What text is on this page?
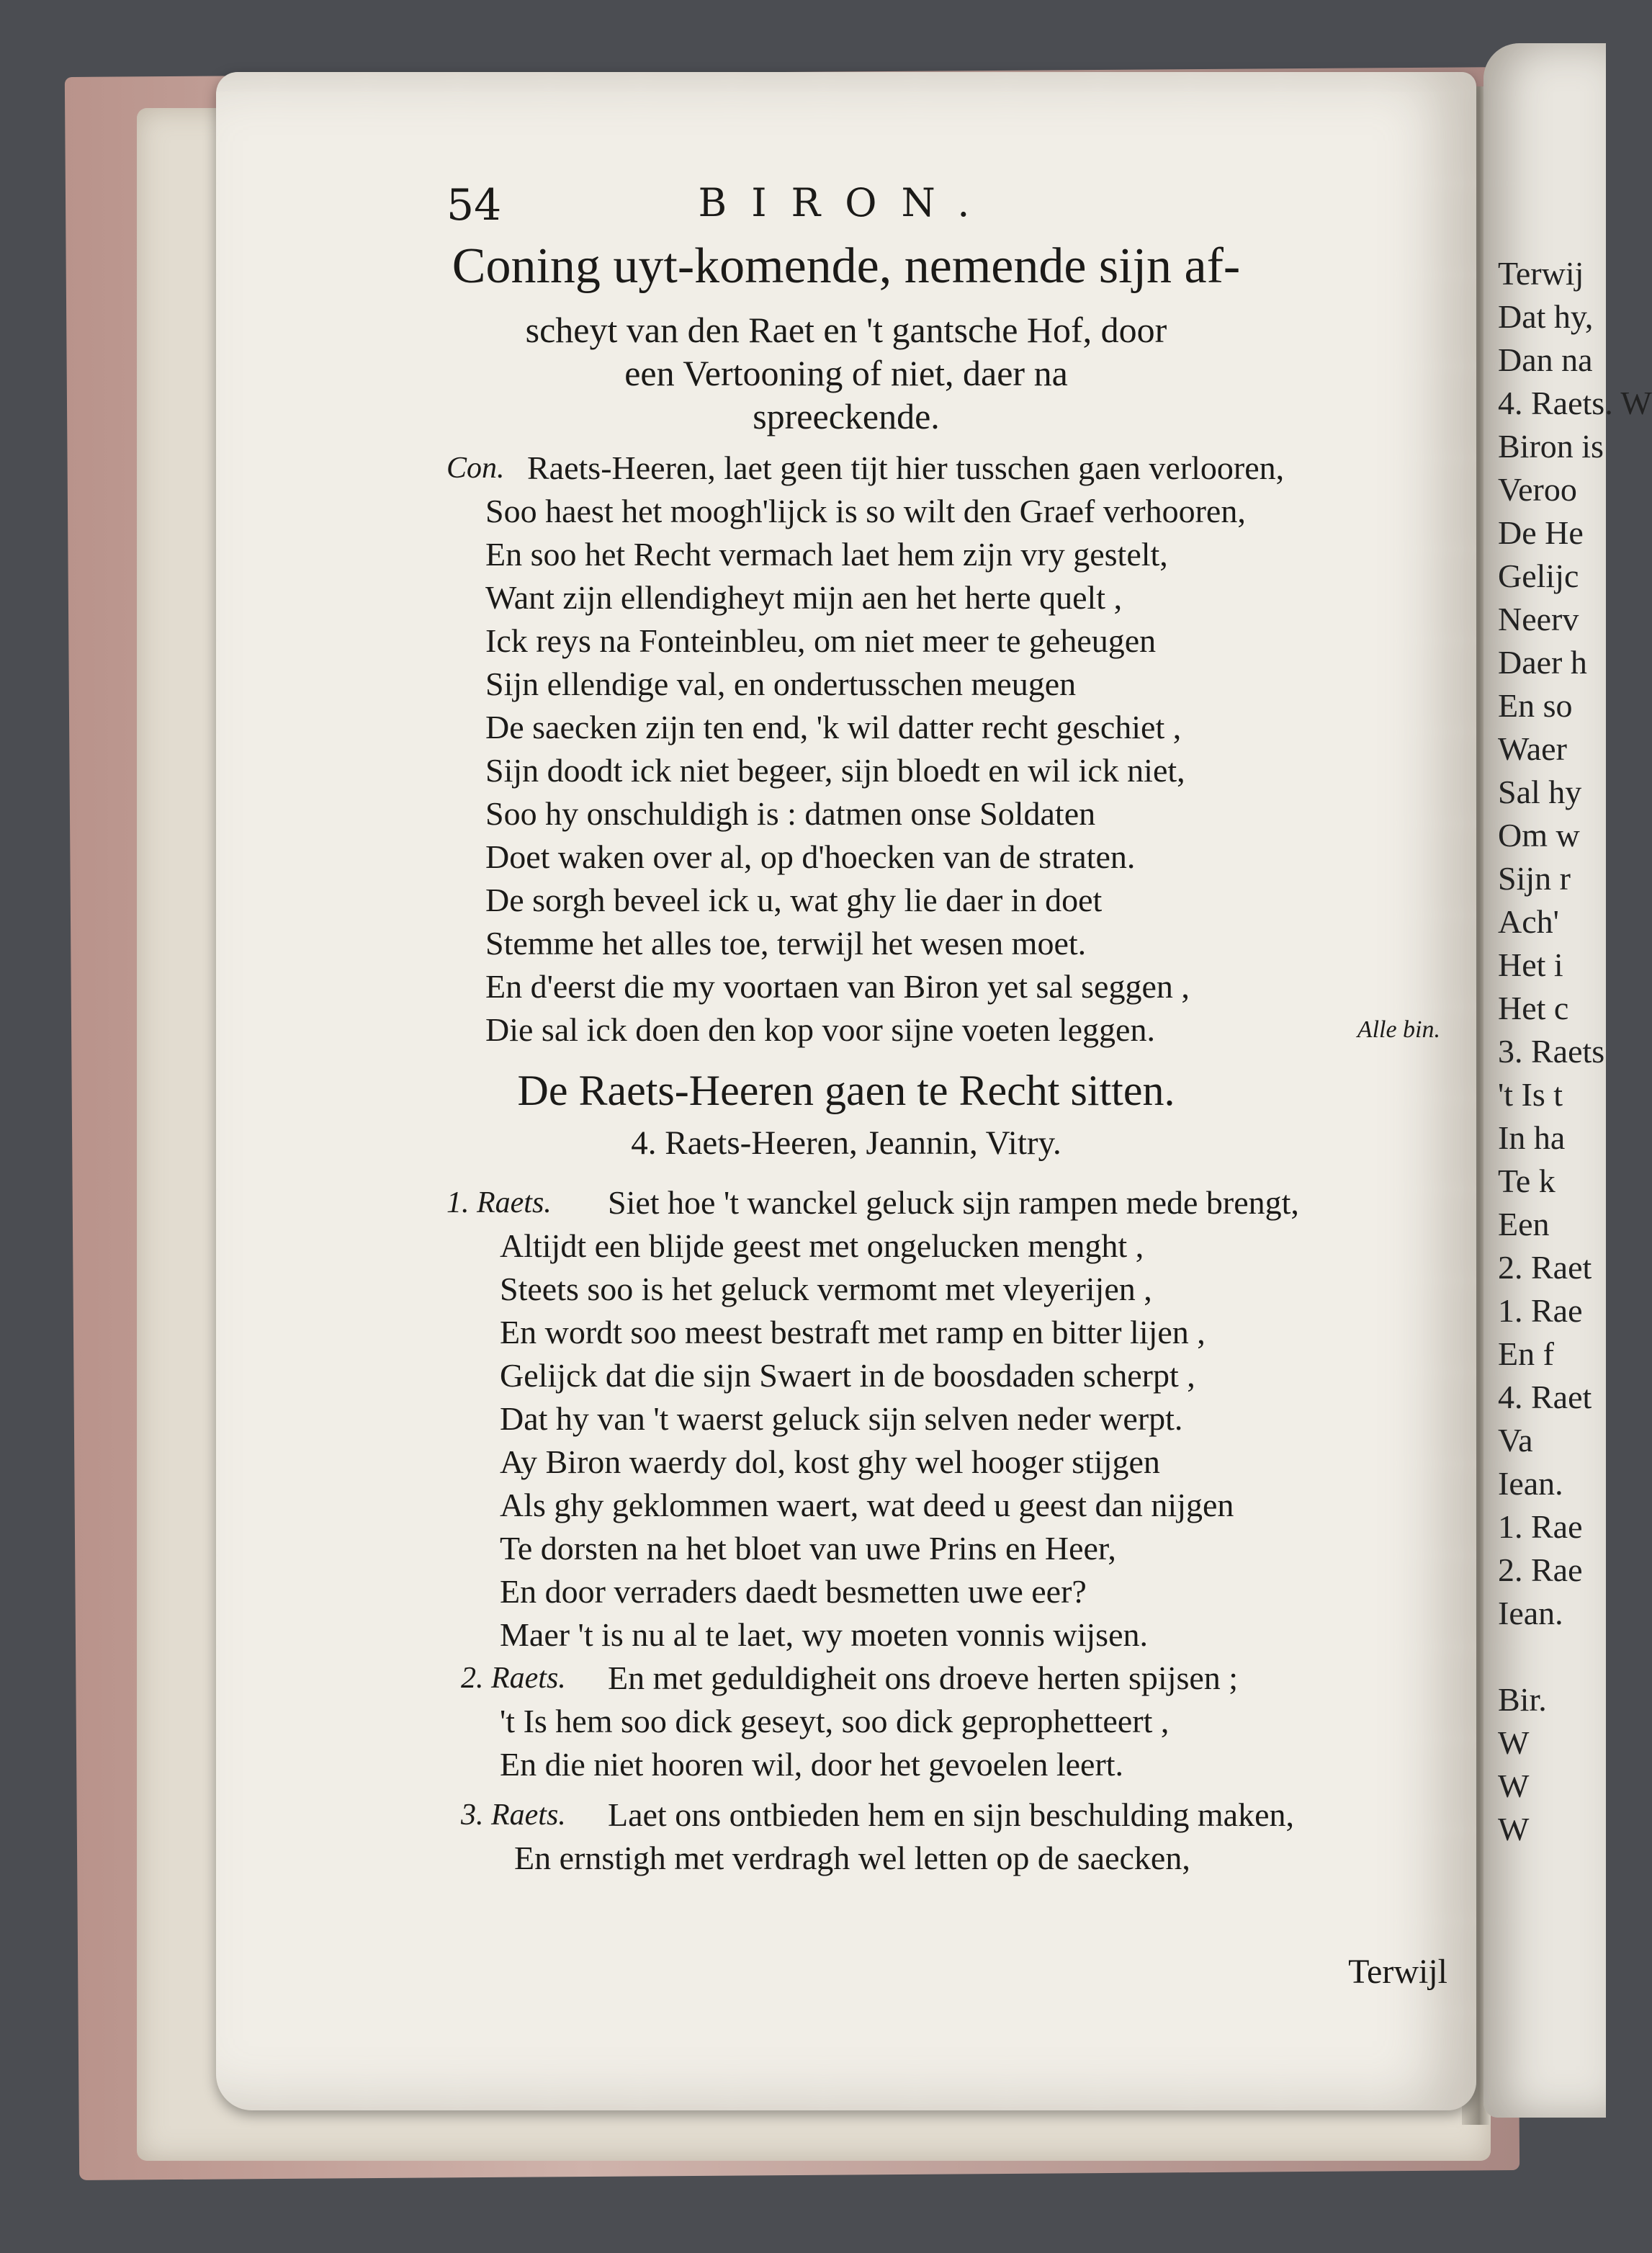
Terwij
Dat hy,
Dan na
4. Raets. W
Biron is
Veroo
De He
Gelijc
Neerv
Daer h
En so
Waer
Sal hy
Om w
Sijn r
Ach'
Het i
Het c
3. Raets
't Is t
In ha
Te k
Een
2. Raet
1. Rae
En f
4. Raet
Va
Iean.
1. Rae
2. Rae
Iean.
Bir.
W
W
W
54	BIRON.
Coning uyt-komende, nemende sijn af-
scheyt van den Raet en 't gantsche Hof, door
een Vertooning of niet, daer na
spreeckende.
Con. Raets-Heeren, laet geen tijt hier tusschen gaen verlooren,
Soo haest het moogh'lijck is so wilt den Graef verhooren,
En soo het Recht vermach laet hem zijn vry gestelt,
Want zijn ellendigheyt mijn aen het herte quelt ,
Ick reys na Fonteinbleu, om niet meer te geheugen
Sijn ellendige val, en ondertusschen meugen
De saecken zijn ten end, 'k wil datter recht geschiet ,
Sijn doodt ick niet begeer, sijn bloedt en wil ick niet,
Soo hy onschuldigh is : datmen onse Soldaten
Doet waken over al, op d'hoecken van de straten.
De sorgh beveel ick u, wat ghy lie daer in doet
Stemme het alles toe, terwijl het wesen moet.
En d'eerst die my voortaen van Biron yet sal seggen ,
Die sal ick doen den kop voor sijne voeten leggen.	Alle bin.
De Raets-Heeren gaen te Recht sitten.
4. Raets-Heeren, Jeannin, Vitry.
1. Raets. Siet hoe 't wanckel geluck sijn rampen mede brengt,
Altijdt een blijde geest met ongelucken menght ,
Steets soo is het geluck vermomt met vleyerijen ,
En wordt soo meest bestraft met ramp en bitter lijen ,
Gelijck dat die sijn Swaert in de boosdaden scherpt ,
Dat hy van 't waerst geluck sijn selven neder werpt.
Ay Biron waerdy dol, kost ghy wel hooger stijgen
Als ghy geklommen waert, wat deed u geest dan nijgen
Te dorsten na het bloet van uwe Prins en Heer,
En door verraders daedt besmetten uwe eer?
Maer 't is nu al te laet, wy moeten vonnis wijsen.
2. Raets. En met geduldigheit ons droeve herten spijsen ;
't Is hem soo dick geseyt, soo dick geprophetteert ,
En die niet hooren wil, door het gevoelen leert.
3. Raets. Laet ons ontbieden hem en sijn beschulding maken,
En ernstigh met verdragh wel letten op de saecken,
Terwijl
